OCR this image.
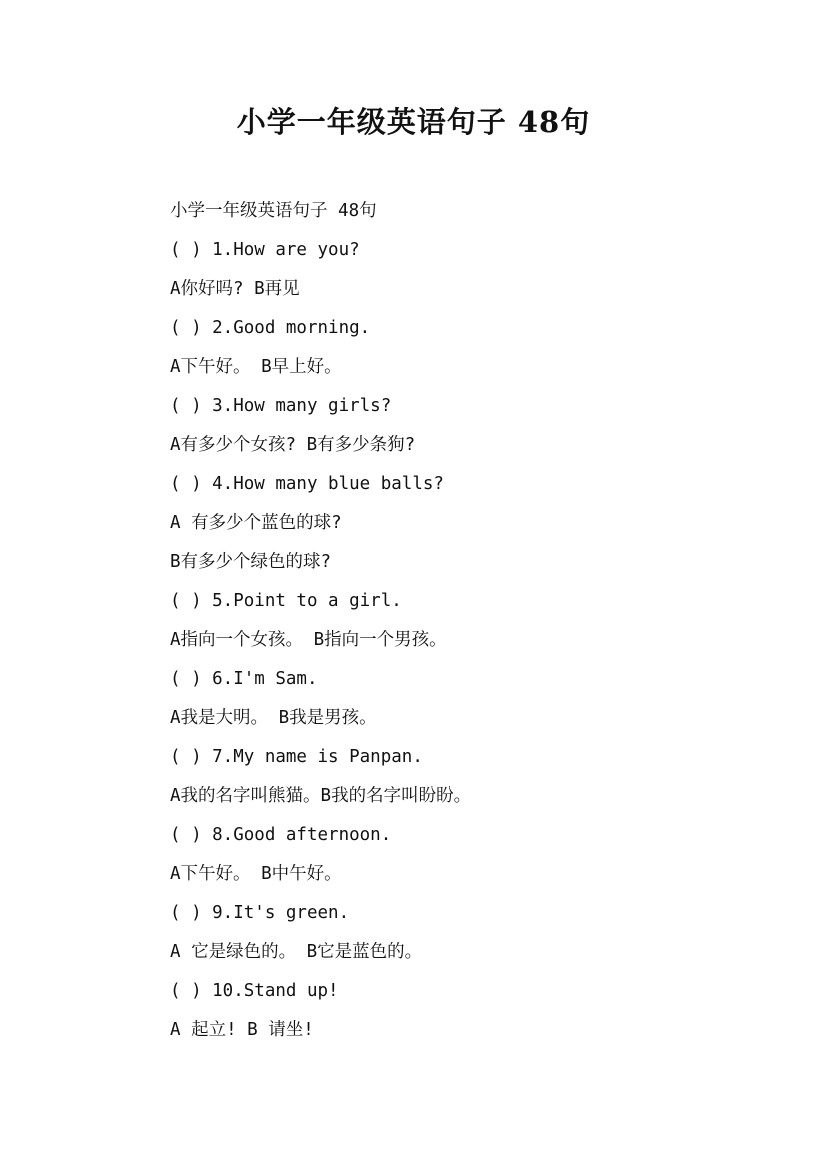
小学一年级英语句子 48句
小学一年级英语句子 48句
( ) 1.How are you?
A你好吗? B再见
( ) 2.Good morning.
A下午好。 B早上好。
( ) 3.How many girls?
A有多少个女孩? B有多少条狗?
( ) 4.How many blue balls?
A 有多少个蓝色的球?
B有多少个绿色的球?
( ) 5.Point to a girl.
A指向一个女孩。 B指向一个男孩。
( ) 6.I'm Sam.
A我是大明。 B我是男孩。
( ) 7.My name is Panpan.
A我的名字叫熊猫。B我的名字叫盼盼。
( ) 8.Good afternoon.
A下午好。 B中午好。
( ) 9.It's green.
A 它是绿色的。 B它是蓝色的。
( ) 10.Stand up!
A 起立! B 请坐!
